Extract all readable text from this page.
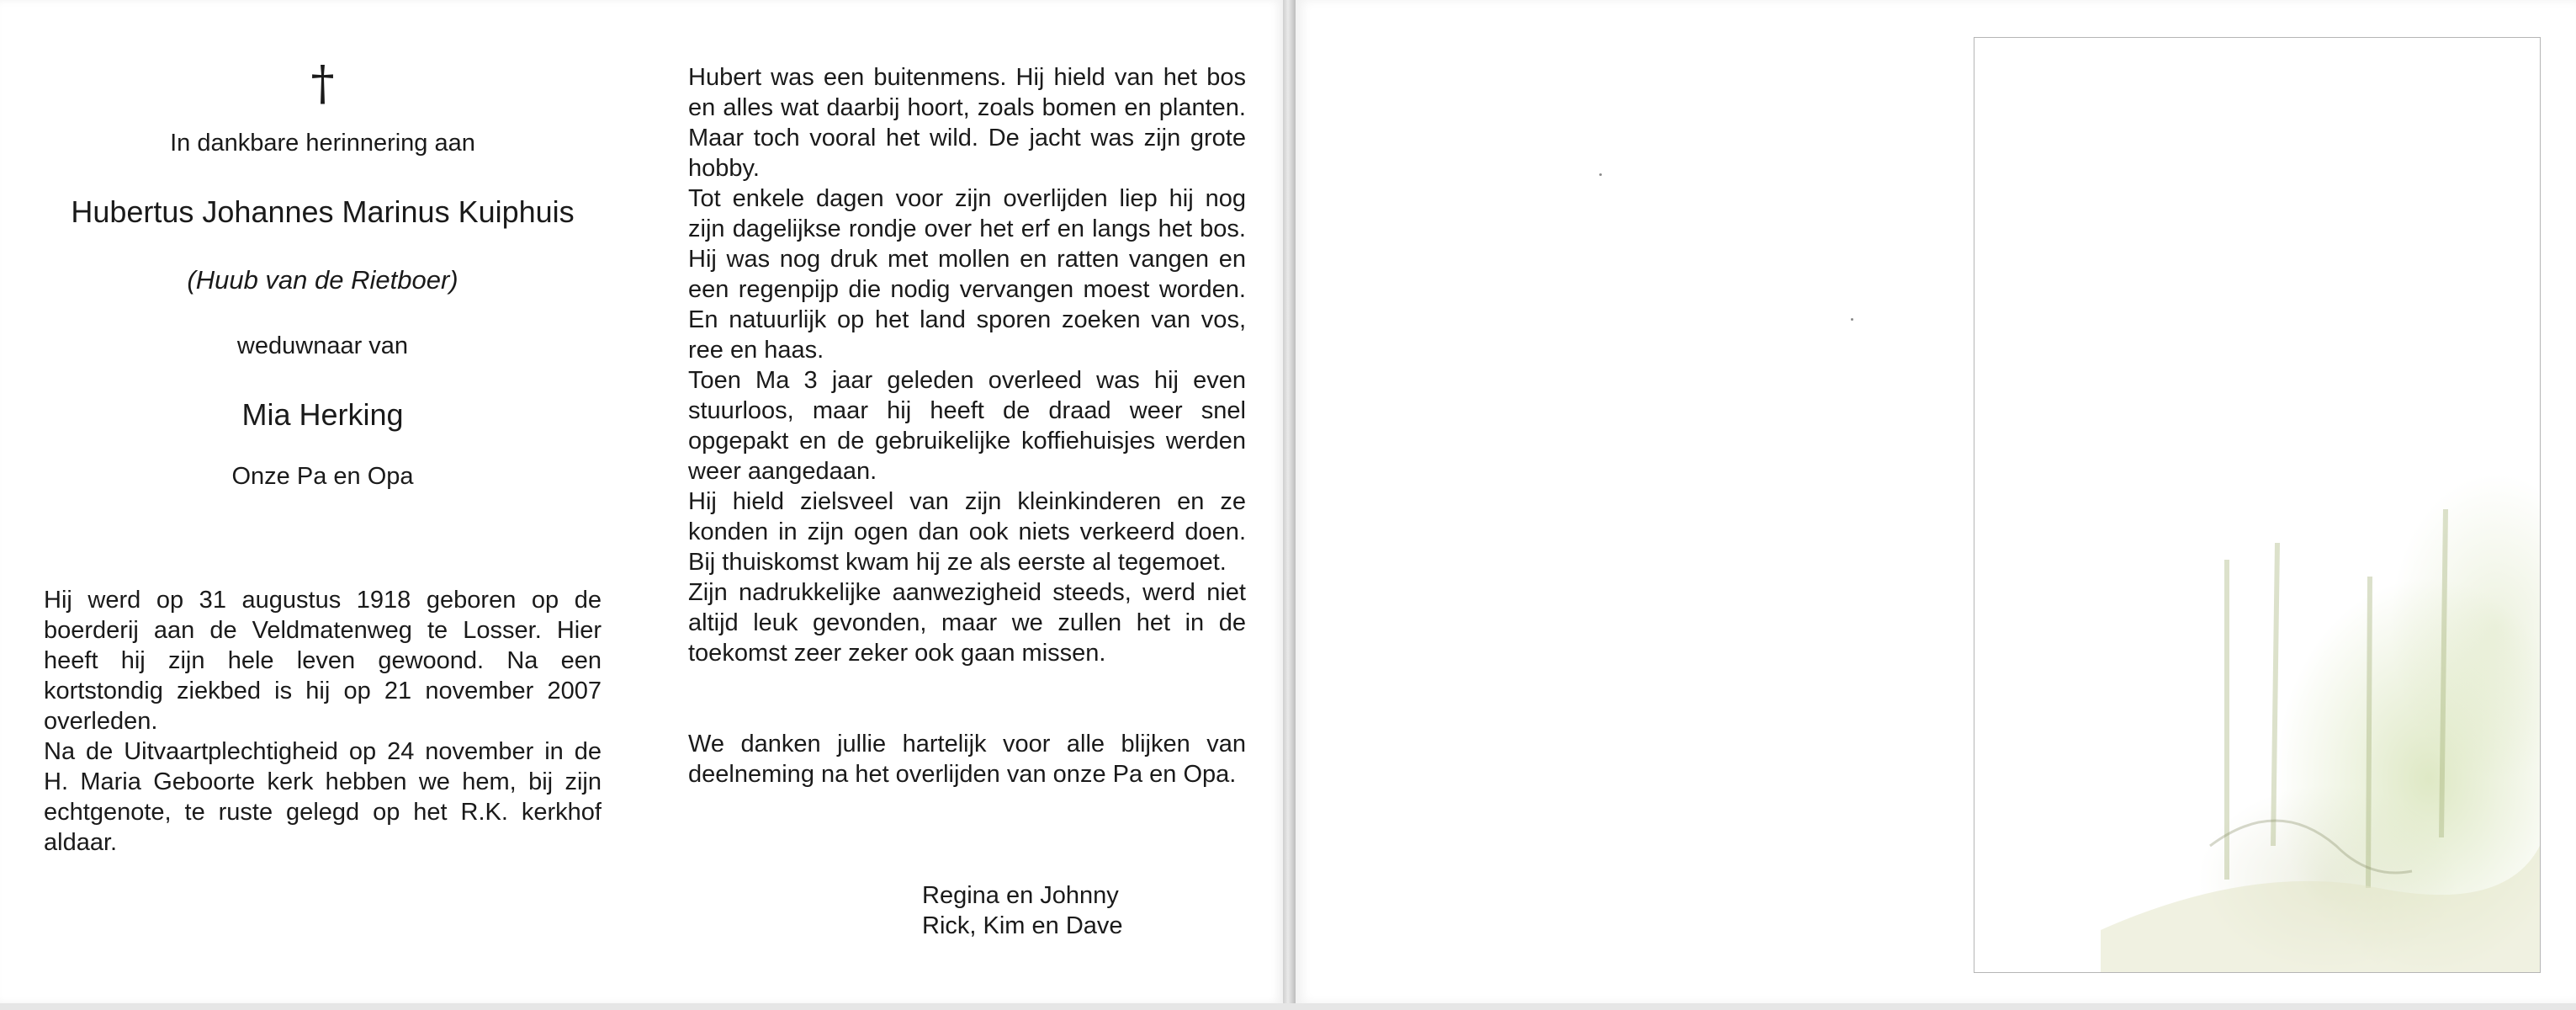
†
In dankbare herinnering aan
Hubertus Johannes Marinus Kuiphuis
(Huub van de Rietboer)
weduwnaar van
Mia Herking
Onze Pa en Opa

Hij werd op 31 augustus 1918 geboren op de boerderij aan de Veldmatenweg te Losser. Hier heeft hij zijn hele leven gewoond. Na een kortstondig ziekbed is hij op 21 november 2007 overleden.

Na de Uitvaartplechtigheid op 24 november in de H. Maria Geboorte kerk hebben we hem, bij zijn echtgenote, te ruste gelegd op het R.K. kerkhof aldaar.

Hubert was een buitenmens. Hij hield van het bos en alles wat daarbij hoort, zoals bomen en planten. Maar toch vooral het wild. De jacht was zijn grote hobby.

Tot enkele dagen voor zijn overlijden liep hij nog zijn dagelijkse rondje over het erf en langs het bos. Hij was nog druk met mollen en ratten vangen en een regenpijp die nodig vervangen moest worden. En natuurlijk op het land sporen zoeken van vos, ree en haas.

Toen Ma 3 jaar geleden overleed was hij even stuurloos, maar hij heeft de draad weer snel opgepakt en de gebruikelijke koffiehuisjes werden weer aangedaan.

Hij hield zielsveel van zijn kleinkinderen en ze konden in zijn ogen dan ook niets verkeerd doen. Bij thuiskomst kwam hij ze als eerste al tegemoet.

Zijn nadrukkelijke aanwezigheid steeds, werd niet altijd leuk gevonden, maar we zullen het in de toekomst zeer zeker ook gaan missen.

We danken jullie hartelijk voor alle blijken van deelneming na het overlijden van onze Pa en Opa.

Regina en Johnny
Rick, Kim en Dave
